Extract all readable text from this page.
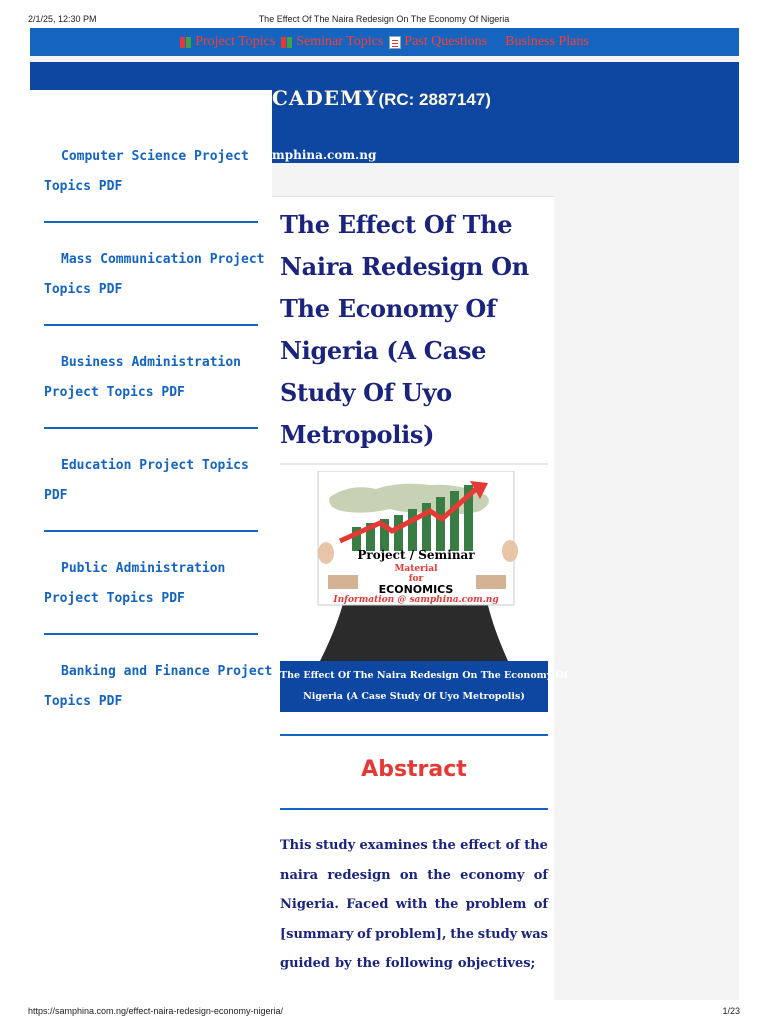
2/1/25, 12:30 PM	The Effect Of The Naira Redesign On The Economy Of Nigeria
Project Topics Seminar Topics Past Questions Business Plans
CADEMY(RC: 2887147)
mphina.com.ng
Computer Science Project
Topics PDF
Mass Communication Project
Topics PDF
Business Administration
Project Topics PDF
Education Project Topics
PDF
Public Administration
Project Topics PDF
Banking and Finance Project
Topics PDF
The Effect Of The Naira Redesign On The Economy Of Nigeria (A Case Study Of Uyo Metropolis)
Project / Seminar
Material
for
ECONOMICS
Information @ samphina.com.ng
The Effect Of The Naira Redesign On The Economy Of
Nigeria (A Case Study Of Uyo Metropolis)
Abstract
This study examines the effect of the
naira redesign on the economy of
Nigeria. Faced with the problem of
[summary of problem], the study was
guided by the following objectives;
https://samphina.com.ng/effect-naira-redesign-economy-nigeria/	1/23
